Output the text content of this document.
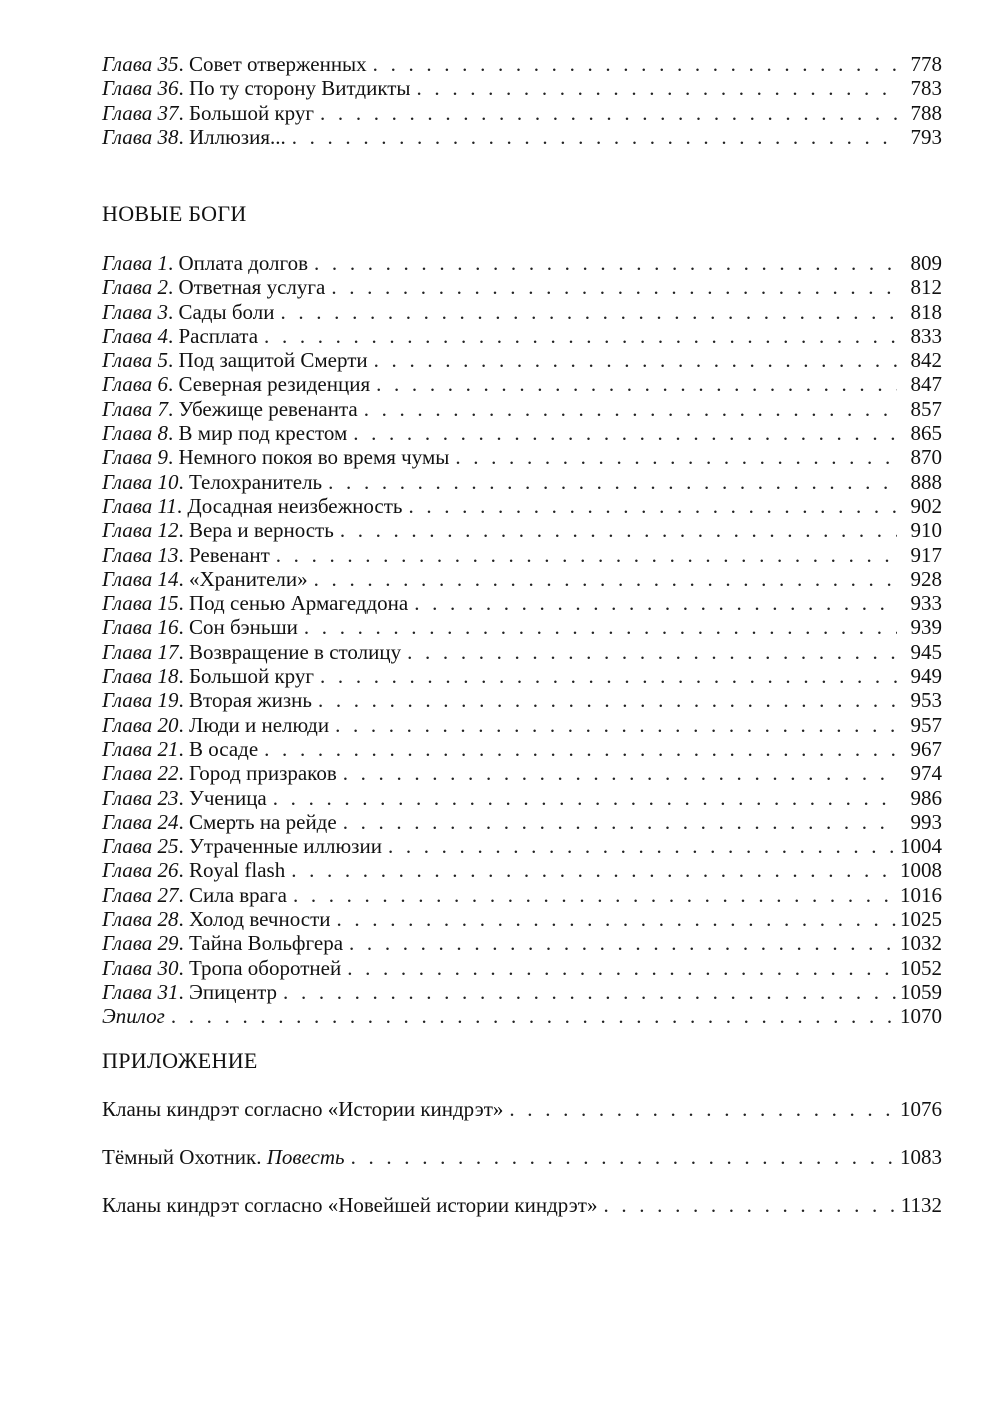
Глава 35. Совет отверженных . . .	778
Глава 36. По ту сторону Витдикты . . .	783
Глава 37. Большой круг . . .	788
Глава 38. Иллюзия... . . .	793
НОВЫЕ БОГИ
Глава 1. Оплата долгов . . .	809
Глава 2. Ответная услуга . . .	812
Глава 3. Сады боли . . .	818
Глава 4. Расплата . . .	833
Глава 5. Под защитой Смерти . . .	842
Глава 6. Северная резиденция . . .	847
Глава 7. Убежище ревенанта . . .	857
Глава 8. В мир под крестом . . .	865
Глава 9. Немного покоя во время чумы . . .	870
Глава 10. Телохранитель . . .	888
Глава 11. Досадная неизбежность . . .	902
Глава 12. Вера и верность . . .	910
Глава 13. Ревенант . . .	917
Глава 14. «Хранители» . . .	928
Глава 15. Под сенью Армагеддона . . .	933
Глава 16. Сон бэньши . . .	939
Глава 17. Возвращение в столицу . . .	945
Глава 18. Большой круг . . .	949
Глава 19. Вторая жизнь . . .	953
Глава 20. Люди и нелюди . . .	957
Глава 21. В осаде . . .	967
Глава 22. Город призраков . . .	974
Глава 23. Ученица . . .	986
Глава 24. Смерть на рейде . . .	993
Глава 25. Утраченные иллюзии . . .	1004
Глава 26. Royal flash . . .	1008
Глава 27. Сила врага . . .	1016
Глава 28. Холод вечности . . .	1025
Глава 29. Тайна Вольфгера . . .	1032
Глава 30. Тропа оборотней . . .	1052
Глава 31. Эпицентр . . .	1059
Эпилог . . .	1070
ПРИЛОЖЕНИЕ
Кланы киндрэт согласно «Истории киндрэт» . . .	1076
Тёмный Охотник. Повесть . . .	1083
Кланы киндрэт согласно «Новейшей истории киндрэт» . . .	1132
